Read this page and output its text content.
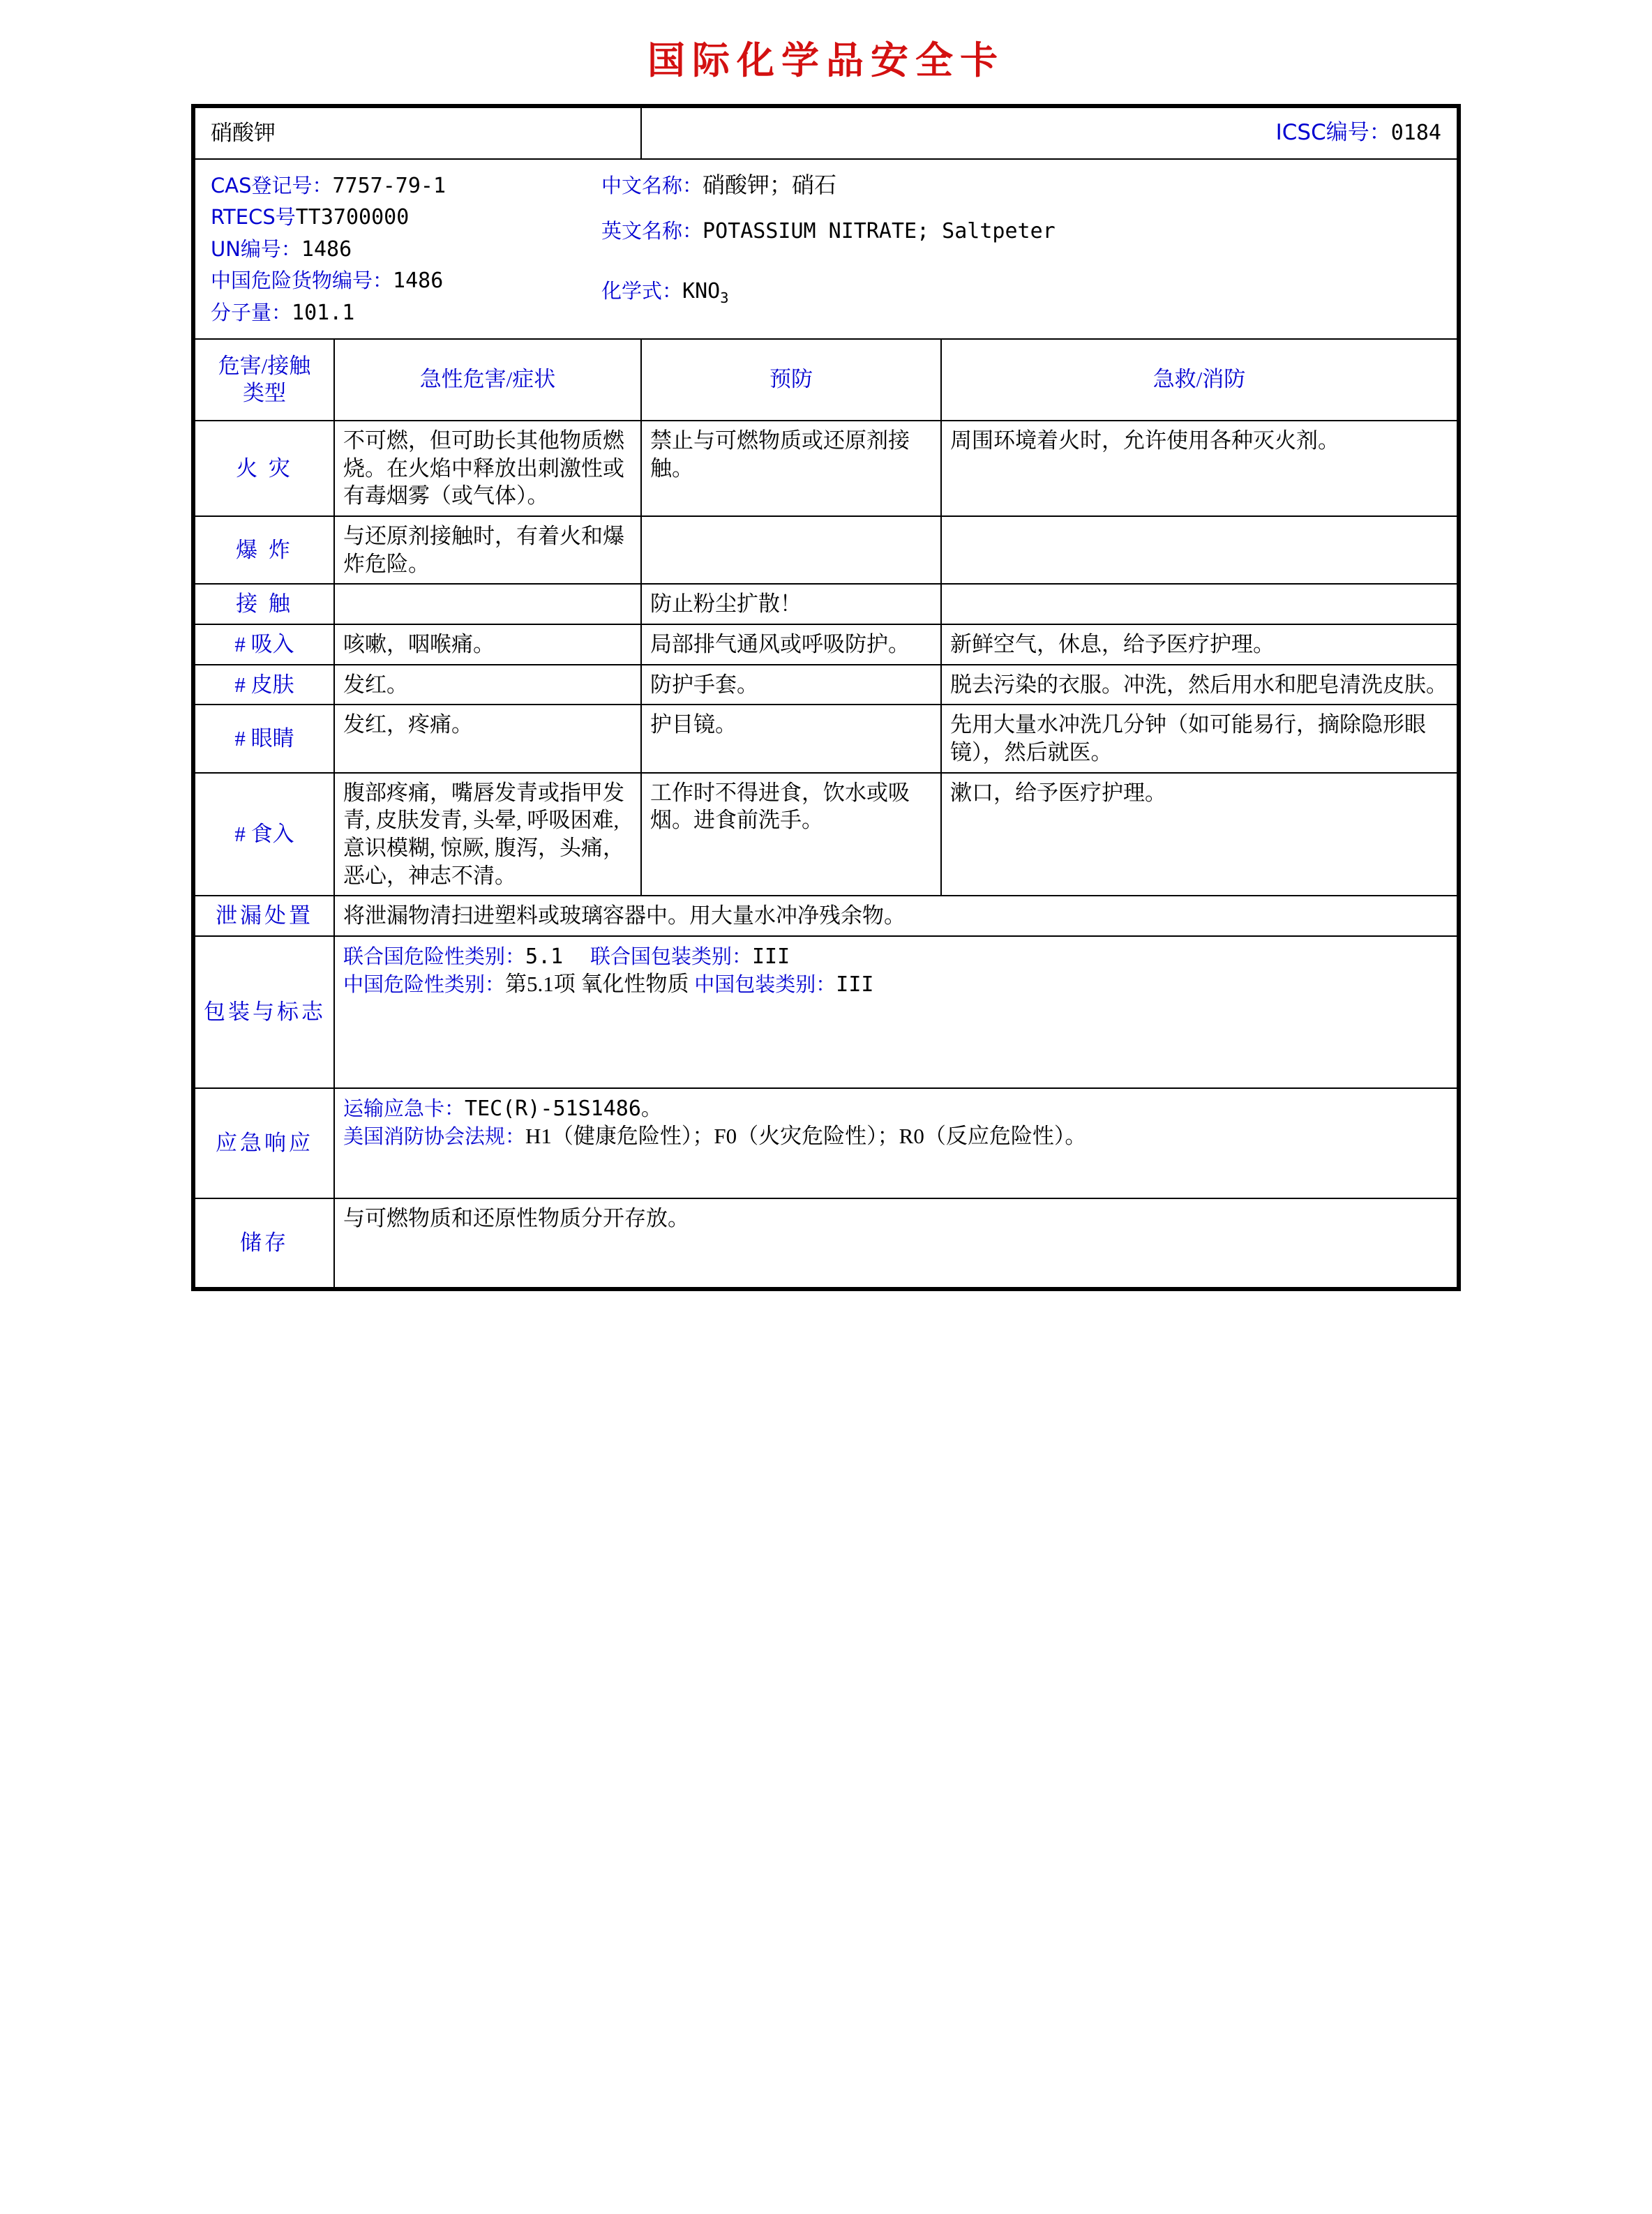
国际化学品安全卡
硝酸钾		ICSC编号：0184	

CAS登记号：7757-79-1
RTECS号TT3700000
UN编号：1486
中国危险货物编号：1486
分子量：101.1
中文名称：硝酸钾；硝石
英文名称：POTASSIUM NITRATE; Saltpeter
化学式：$KNO_3$

危害/接触
类型	急性危害/症状	预防	急救/消防
火 灾	不可燃，但可助长其他物质燃烧。在火焰中释放出刺激性或有毒烟雾（或气体）。	禁止与可燃物质或还原剂接触。	周围环境着火时，允许使用各种灭火剂。
爆 炸	与还原剂接触时，有着火和爆炸危险。		
接 触		防止粉尘扩散！	
# 吸入	咳嗽，咽喉痛。	局部排气通风或呼吸防护。	新鲜空气，休息，给予医疗护理。
# 皮肤	发红。	防护手套。	脱去污染的衣服。冲洗，然后用水和肥皂清洗皮肤。
# 眼睛	发红，疼痛。	护目镜。	先用大量水冲洗几分钟（如可能易行，摘除隐形眼镜），然后就医。
# 食入	腹部疼痛，嘴唇发青或指甲发青, 皮肤发青, 头晕, 呼吸困难, 意识模糊, 惊厥, 腹泻，头痛，恶心，神志不清。	工作时不得进食，饮水或吸烟。进食前洗手。	漱口，给予医疗护理。
泄漏处置	将泄漏物清扫进塑料或玻璃容器中。用大量水冲净残余物。		
包装与标志	联合国危险性类别：5.1 联合国包装类别：III
中国危险性类别：第5.1项 氧化性物质 中国包装类别：III		

应急响应	运输应急卡：TEC(R)-51S1486。
美国消防协会法规：H1（健康危险性）；F0（火灾危险性）；R0（反应危险性）。		

储存	与可燃物质和还原性物质分开存放。		
